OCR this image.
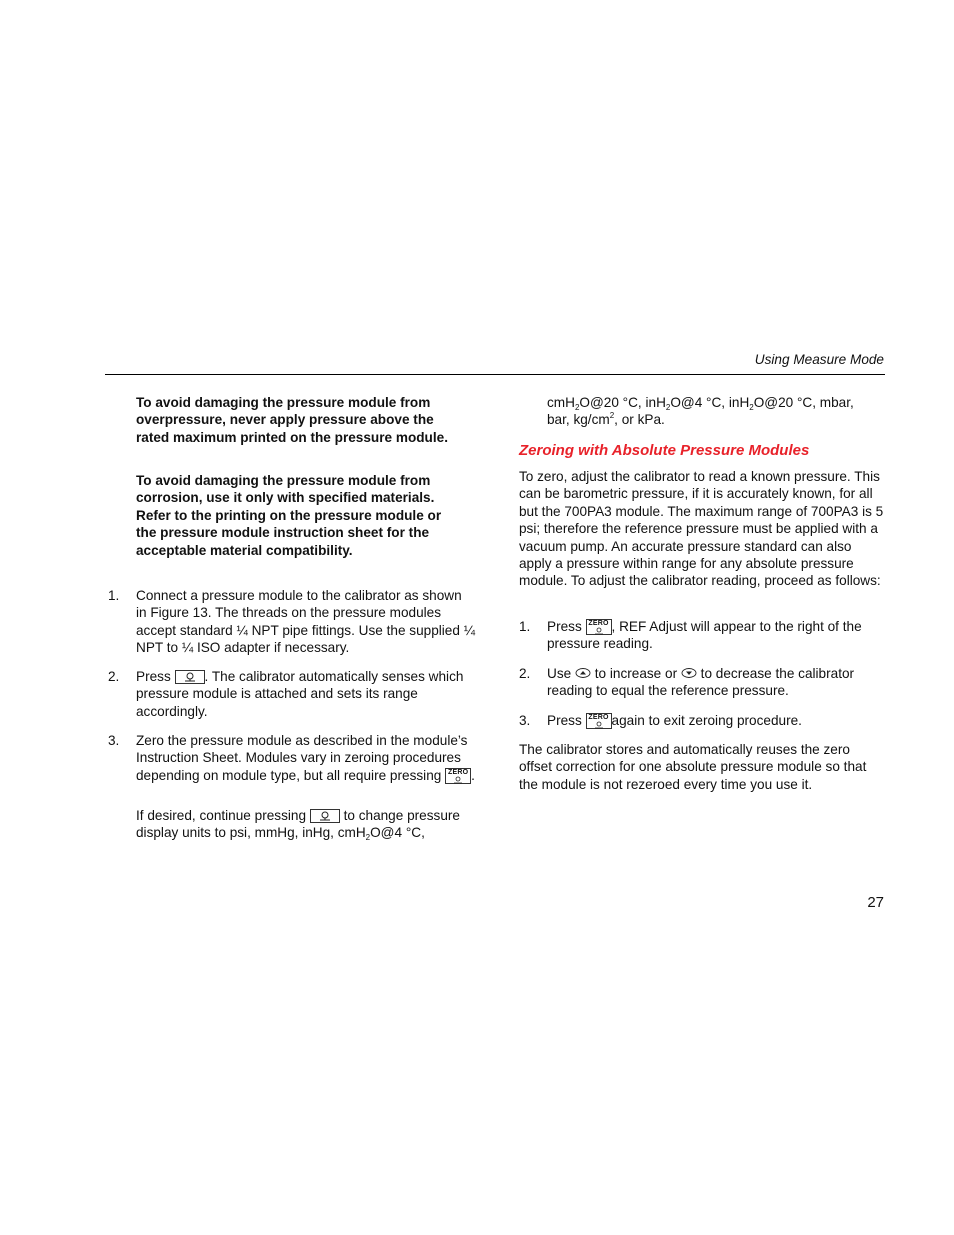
Using Measure Mode

To avoid damaging the pressure module from overpressure, never apply pressure above the rated maximum printed on the pressure module.

To avoid damaging the pressure module from corrosion, use it only with specified materials. Refer to the printing on the pressure module or the pressure module instruction sheet for the acceptable material compatibility.

1. Connect a pressure module to the calibrator as shown in Figure 13. The threads on the pressure modules accept standard ¼ NPT pipe fittings. Use the supplied ¼ NPT to ¼ ISO adapter if necessary.

2. Press . The calibrator automatically senses which pressure module is attached and sets its range accordingly.

3. Zero the pressure module as described in the module’s Instruction Sheet. Modules vary in zeroing procedures depending on module type, but all require pressing ZERO .

If desired, continue pressing	to change pressure display units to psi, mmHg, inHg, cmH$_2$O@4 °C,

cmH$_2$O@20 °C, inH$_2$O@4 °C, inH$_2$O@20 °C, mbar, bar, $kg/cm^2$, or kPa.

Zeroing with Absolute Pressure Modules

To zero, adjust the calibrator to read a known pressure. This can be barometric pressure, if it is accurately known, for all but the 700PA3 module. The maximum range of 700PA3 is 5 psi; therefore the reference pressure must be applied with a vacuum pump. An accurate pressure standard can also apply a pressure within range for any absolute pressure module. To adjust the calibrator reading, proceed as follows:

1. Press ZERO , REF Adjust will appear to the right of the pressure reading.

2. Use to increase or to decrease the calibrator reading to equal the reference pressure.

3. Press ZERO again to exit zeroing procedure.

The calibrator stores and automatically reuses the zero offset correction for one absolute pressure module so that the module is not rezeroed every time you use it.

27
